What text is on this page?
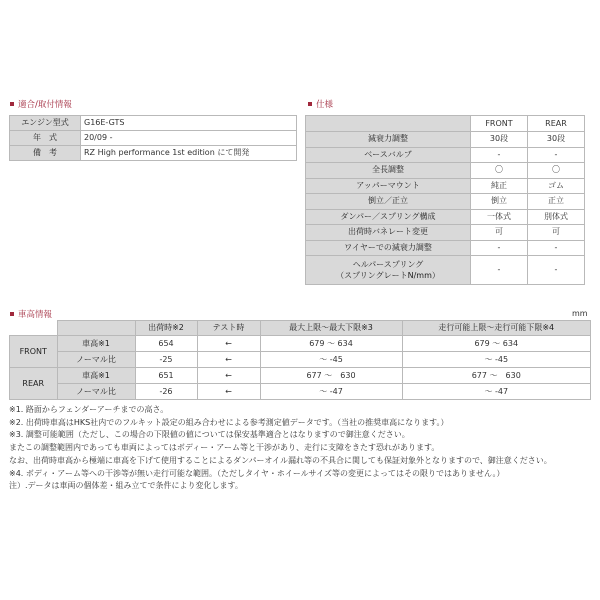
適合/取付情報
エンジン型式	G16E-GTS
年　式	20/09 -
備　考	RZ High performance 1st edition にて開発
仕様
	FRONT	REAR
減衰力調整	30段	30段
ベースバルブ	-	-
全長調整	〇	〇
アッパーマウント	純正	ゴム
倒立／正立	倒立	正立
ダンパー／スプリング構成	一体式	別体式
出荷時バネレート変更	可	可
ワイヤーでの減衰力調整	-	-

ヘルパースプリング
（スプリングレートN/mm）	-	-
車高情報	mm
		出荷時※2	テスト時	最大上限～最大下限※3	走行可能上限～走行可能下限※4
FRONT	車高※1	654	←	679 ～ 634	679 ～ 634
	ノーマル比	-25	←	～ -45	～ -45
REAR	車高※1	651	←	677 ～　630	677 ～　630
	ノーマル比	-26	←	～ -47	～ -47
※1. 路面からフェンダーアーチまでの高さ。
※2. 出荷時車高はHKS社内でのフルキット設定の組み合わせによる参考測定値データです。（当社の推奨車高になります。）
※3. 調整可能範囲（ただし、この場合の下限値の値については保安基準適合とはなりますので御注意ください。
またこの調整範囲内であっても車両によってはボディー・アーム等と干渉があり、走行に支障をきたす恐れがあります。
なお、出荷時車高から極端に車高を下げて使用することによるダンパーオイル漏れ等の不具合に関しても保証対象外となりますので、御注意ください。
※4. ボディ・アーム等への干渉等が無い走行可能な範囲。（ただしタイヤ・ホイールサイズ等の変更によってはその限りではありません。）
注）.データは車両の個体差・組み立てで条件により変化します。
